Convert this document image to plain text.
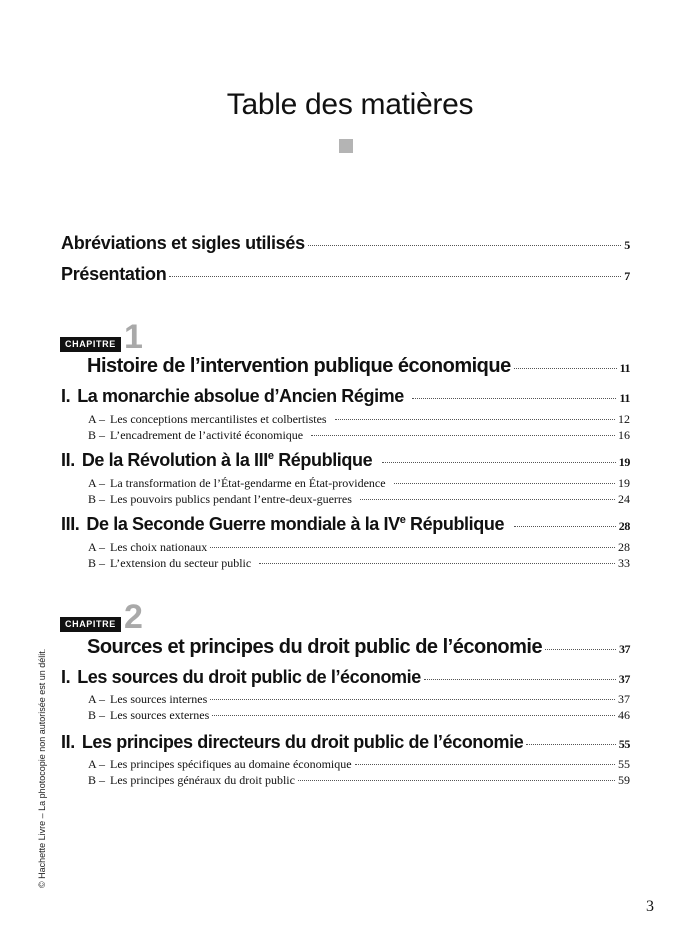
Table des matières
Abréviations et sigles utilisés	5
Présentation	7
CHAPITRE 1
Histoire de l’intervention publique économique	11
I. La monarchie absolue d’Ancien Régime	11
A – Les conceptions mercantilistes et colbertistes	12
B – L’encadrement de l’activité économique	16
II. De la Révolution à la IIIe République	19
A – La transformation de l’État-gendarme en État-providence	19
B – Les pouvoirs publics pendant l’entre-deux-guerres	24
III. De la Seconde Guerre mondiale à la IVe République	28
A – Les choix nationaux	28
B – L’extension du secteur public	33
CHAPITRE 2
Sources et principes du droit public de l’économie	37
I. Les sources du droit public de l’économie	37
A – Les sources internes	37
B – Les sources externes	46
II. Les principes directeurs du droit public de l’économie	55
A – Les principes spécifiques au domaine économique	55
B – Les principes généraux du droit public	59
© Hachette Livre – La photocopie non autorisée est un délit.
3
